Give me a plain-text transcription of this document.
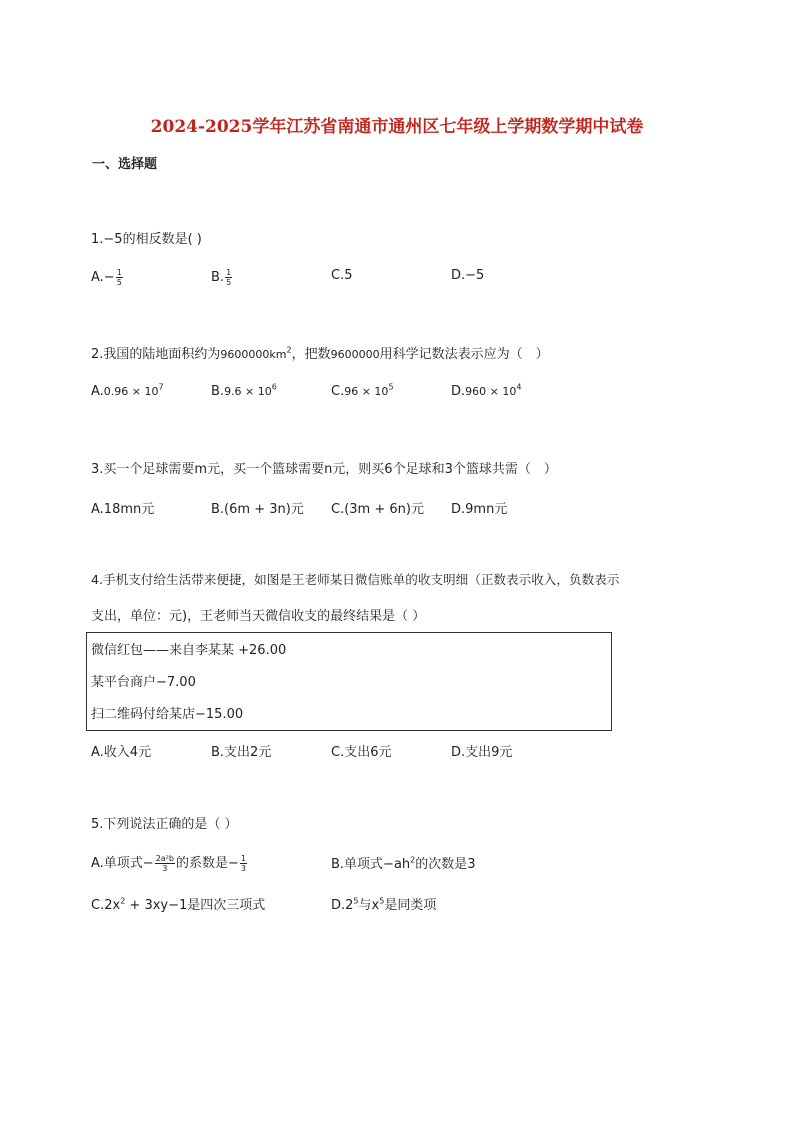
2024-2025学年江苏省南通市通州区七年级上学期数学期中试卷
一、选择题
1.−5的相反数是( )
$A.- \frac{1}{5}$	B. $\frac{1}{5}$	C.5	D.−5
2.我国的陆地面积约为$9600000km^2$，把数9600000用科学记数法表示应为（　）
$A.0.96 \times 10^7$	$B.9.6 \times 10^6$	$C.96 \times 10^5$	$D.960 \times 10^4$
3.买一个足球需要m元，买一个篮球需要n元，则买6个足球和3个篮球共需（　）
A.18mn元	B.(6m + 3n)元 C.(3m + 6n)元 D.9mn元
4.手机支付给生活带来便捷，如图是王老师某日微信账单的收支明细（正数表示收入，负数表示
支出，单位：元)，王老师当天微信收支的最终结果是（ ）
微信红包——来自李某某 +26.00
某平台商户−7.00
扫二维码付给某店−15.00
A.收入4元	B.支出2元	C.支出6元	D.支出9元
5.下列说法正确的是（ ）
A.单项式− $\frac{\text{2a²b}}{3}$ 的系数是− $\frac{1}{3}$	B.单项式$-ah^2$的次数是3
$C.2x^2 + 3xy-1$是四次三项式	$D.2^5$与$x^5$是同类项
